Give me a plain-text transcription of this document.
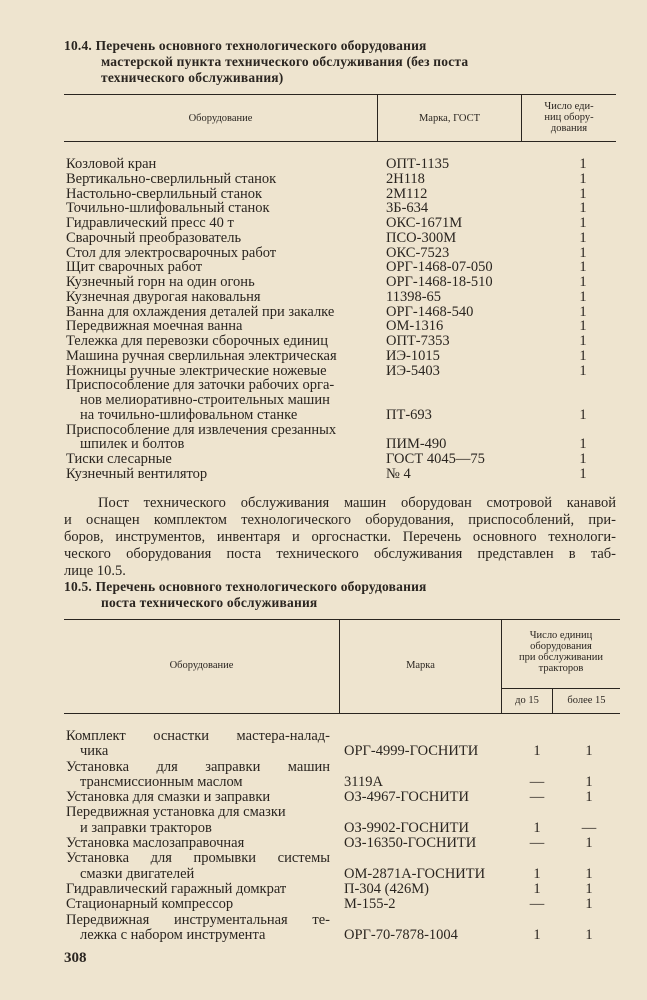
10.4. Перечень основного технологического оборудования
мастерской пункта технического обслуживания (без поста
технического обслуживания)
Оборудование	Марка, ГОСТ
Число еди-
ниц обору-
дования
Козловой кран	ОПТ-1135	1
Вертикально-сверлильный станок	2Н118	1
Настольно-сверлильный станок	2М112	1
Точильно-шлифовальный станок	3Б-634	1
Гидравлический пресс 40 т	ОКС-1671М	1
Сварочный преобразователь	ПСО-300М	1
Стол для электросварочных работ	ОКС-7523	1
Щит сварочных работ	ОРГ-1468-07-050	1
Кузнечный горн на один огонь	ОРГ-1468-18-510	1
Кузнечная двурогая наковальня	11398-65	1
Ванна для охлаждения деталей при закалке	ОРГ-1468-540	1
Передвижная моечная ванна	ОМ-1316	1
Тележка для перевозки сборочных единиц	ОПТ-7353	1
Машина ручная сверлильная электрическая	ИЭ-1015	1
Ножницы ручные электрические ножевые	ИЭ-5403	1
Приспособление для заточки рабочих орга-
нов мелиоративно-строительных машин
на точильно-шлифовальном станке	ПТ-693	1
Приспособление для извлечения срезанных
шпилек и болтов	ПИМ-490	1
Тиски слесарные	ГОСТ 4045—75	1
Кузнечный вентилятор	№ 4	1
Пост технического обслуживания машин оборудован смотровой канавой
и оснащен комплектом технологического оборудования, приспособлений, при-
боров, инструментов, инвентаря и оргоснастки. Перечень основного технологи-
ческого оборудования поста технического обслуживания представлен в таб-
лице 10.5.
10.5. Перечень основного технологического оборудования
поста технического обслуживания
Оборудование	Марка
Число единиц
оборудования
при обслуживании
тракторов
до 15	более 15
Комплект оснастки мастера-налад-
чика	ОРГ-4999-ГОСНИТИ	1	1
Установка для заправки машин
трансмиссионным маслом	3119А	—	1
Установка для смазки и заправки	ОЗ-4967-ГОСНИТИ	—	1
Передвижная установка для смазки
и заправки тракторов	ОЗ-9902-ГОСНИТИ	1	—
Установка маслозаправочная	ОЗ-16350-ГОСНИТИ	—	1
Установка для промывки системы
смазки двигателей	ОМ-2871А-ГОСНИТИ	1	1
Гидравлический гаражный домкрат	П-304 (426М)	1	1
Стационарный компрессор	М-155-2	—	1
Передвижная инструментальная те-
лежка с набором инструмента	ОРГ-70-7878-1004	1	1
308
